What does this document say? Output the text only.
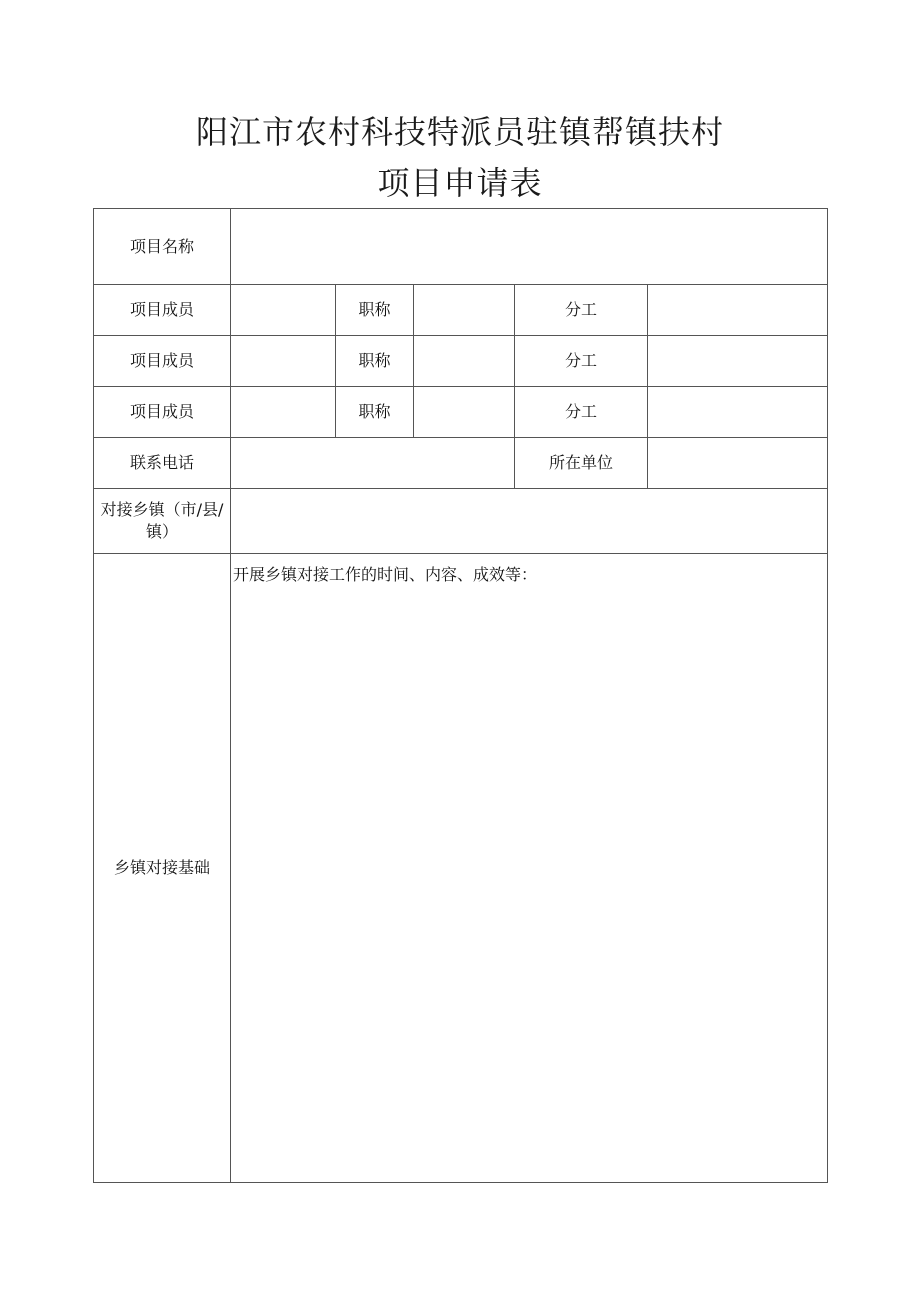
阳江市农村科技特派员驻镇帮镇扶村
项目申请表
项目名称					
项目成员		职称		分工	
项目成员		职称		分工	
项目成员		职称		分工	
联系电话				所在单位	

对接乡镇（市/县/
镇）					

乡镇对接基础	开展乡镇对接工作的时间、内容、成效等：				
